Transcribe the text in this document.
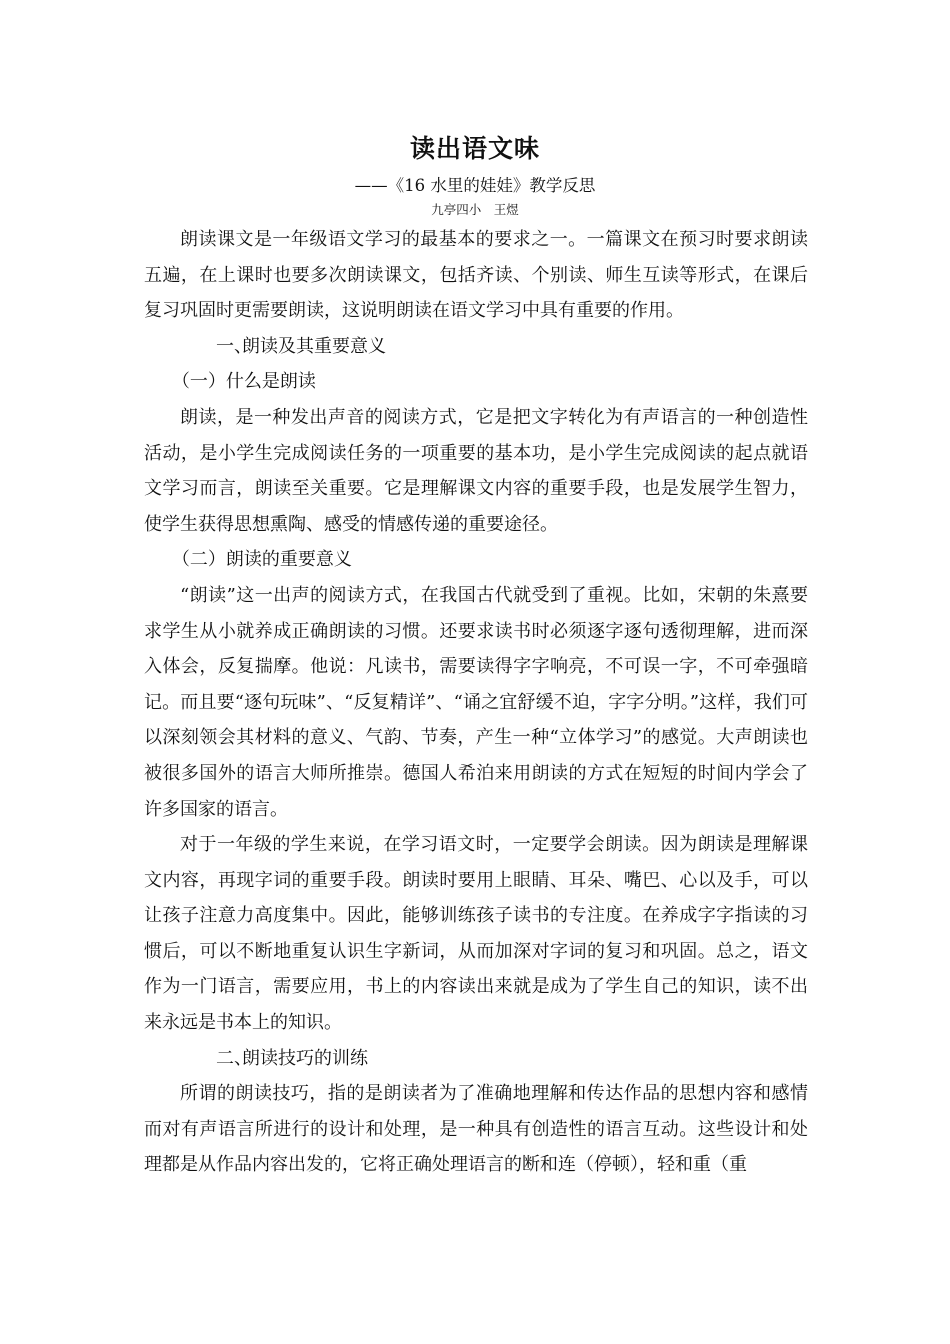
读出语文味
——《16 水里的娃娃》教学反思
九亭四小　王煜

朗读课文是一年级语文学习的最基本的要求之一。一篇课文在预习时要求朗读五遍，在上课时也要多次朗读课文，包括齐读、个别读、师生互读等形式，在课后复习巩固时更需要朗读，这说明朗读在语文学习中具有重要的作用。

一、朗读及其重要意义

（一）什么是朗读

朗读，是一种发出声音的阅读方式，它是把文字转化为有声语言的一种创造性活动，是小学生完成阅读任务的一项重要的基本功，是小学生完成阅读的起点就语文学习而言，朗读至关重要。它是理解课文内容的重要手段，也是发展学生智力，使学生获得思想熏陶、感受的情感传递的重要途径。

（二）朗读的重要意义

“朗读”这一出声的阅读方式，在我国古代就受到了重视。比如，宋朝的朱熹要求学生从小就养成正确朗读的习惯。还要求读书时必须逐字逐句透彻理解，进而深入体会，反复揣摩。他说：凡读书，需要读得字字响亮，不可误一字，不可牵强暗记。而且要“逐句玩味”、“反复精详”、“诵之宜舒缓不迫，字字分明。”这样，我们可以深刻领会其材料的意义、气韵、节奏，产生一种“立体学习”的感觉。大声朗读也被很多国外的语言大师所推崇。德国人希泊来用朗读的方式在短短的时间内学会了许多国家的语言。

对于一年级的学生来说，在学习语文时，一定要学会朗读。因为朗读是理解课文内容，再现字词的重要手段。朗读时要用上眼睛、耳朵、嘴巴、心以及手，可以让孩子注意力高度集中。因此，能够训练孩子读书的专注度。在养成字字指读的习惯后，可以不断地重复认识生字新词，从而加深对字词的复习和巩固。总之，语文作为一门语言，需要应用，书上的内容读出来就是成为了学生自己的知识，读不出来永远是书本上的知识。

二、朗读技巧的训练

所谓的朗读技巧，指的是朗读者为了准确地理解和传达作品的思想内容和感情而对有声语言所进行的设计和处理，是一种具有创造性的语言互动。这些设计和处理都是从作品内容出发的，它将正确处理语言的断和连（停顿），轻和重（重
